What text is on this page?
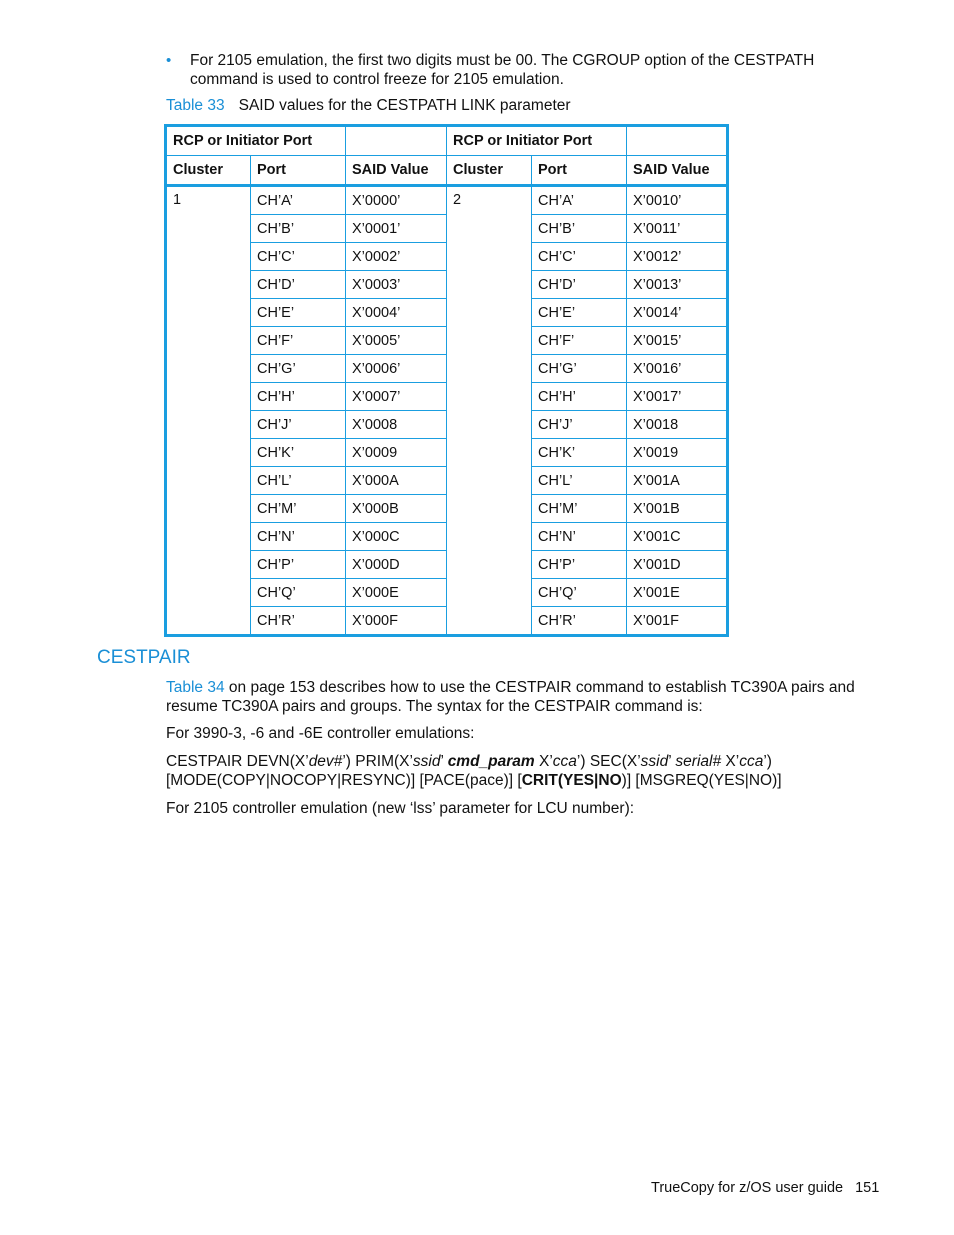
• For 2105 emulation, the first two digits must be 00. The CGROUP option of the CESTPATH command is used to control freeze for 2105 emulation.
Table 33 SAID values for the CESTPATH LINK parameter
RCP or Initiator Port			RCP or Initiator Port		
Cluster	Port	SAID Value	Cluster	Port	SAID Value
1	CH’A’	X’0000’	2	CH’A’	X’0010’
	CH’B’	X’0001’		CH’B’	X’0011’
	CH’C’	X’0002’		CH’C’	X’0012’
	CH’D’	X’0003’		CH’D’	X’0013’
	CH’E’	X’0004’		CH’E’	X’0014’
	CH’F’	X’0005’		CH’F’	X’0015’
	CH’G’	X’0006’		CH’G’	X’0016’
	CH’H’	X’0007’		CH’H’	X’0017’
	CH’J’	X’0008		CH’J’	X’0018
	CH’K’	X’0009		CH’K’	X’0019
	CH’L’	X’000A		CH’L’	X’001A
	CH’M’	X’000B		CH’M’	X’001B
	CH’N’	X’000C		CH’N’	X’001C
	CH’P’	X’000D		CH’P’	X’001D
	CH’Q’	X’000E		CH’Q’	X’001E
	CH’R’	X’000F		CH’R’	X’001F
CESTPAIR
Table 34 on page 153 describes how to use the CESTPAIR command to establish TC390A pairs and resume TC390A pairs and groups. The syntax for the CESTPAIR command is:
For 3990-3, -6 and -6E controller emulations:
CESTPAIR DEVN(X’dev#’) PRIM(X’ssid’ cmd_param X’cca’) SEC(X’ssid’ serial# X’cca’) [MODE(COPY|NOCOPY|RESYNC)] [PACE(pace)] [CRIT(YES|NO)] [MSGREQ(YES|NO)]
For 2105 controller emulation (new ‘lss’ parameter for LCU number):
TrueCopy for z/OS user guide 151
